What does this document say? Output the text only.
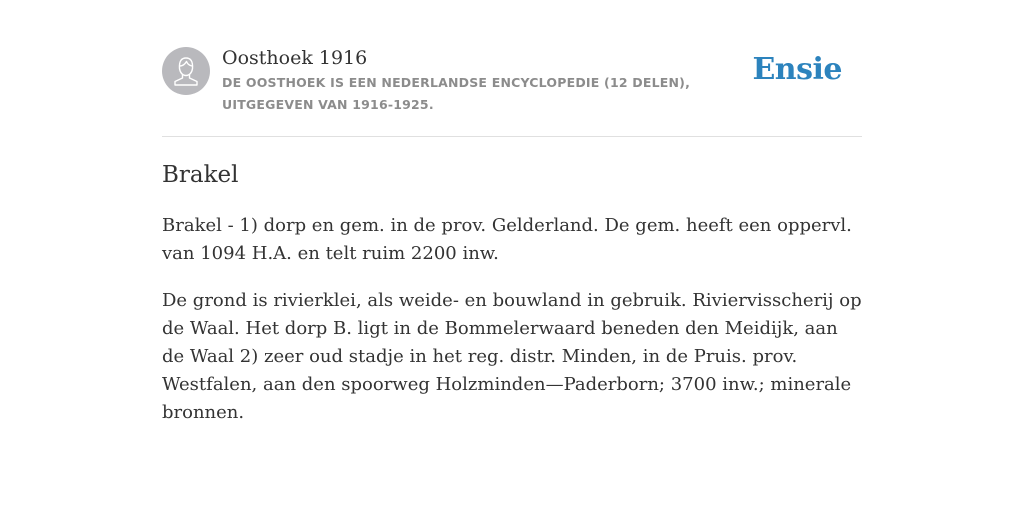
Oosthoek 1916
DE OOSTHOEK IS EEN NEDERLANDSE ENCYCLOPEDIE (12 DELEN), UITGEGEVEN VAN 1916-1925.
Ensie
Brakel

Brakel - 1) dorp en gem. in de prov. Gelderland. De gem. heeft een oppervl. van 1094 H.A. en telt ruim 2200 inw.

De grond is rivierklei, als weide- en bouwland in gebruik. Riviervisscherij op de Waal. Het dorp B. ligt in de Bommelerwaard beneden den Meidijk, aan de Waal 2) zeer oud stadje in het reg. distr. Minden, in de Pruis. prov. Westfalen, aan den spoorweg Holzminden—Paderborn; 3700 inw.; minerale bronnen.
